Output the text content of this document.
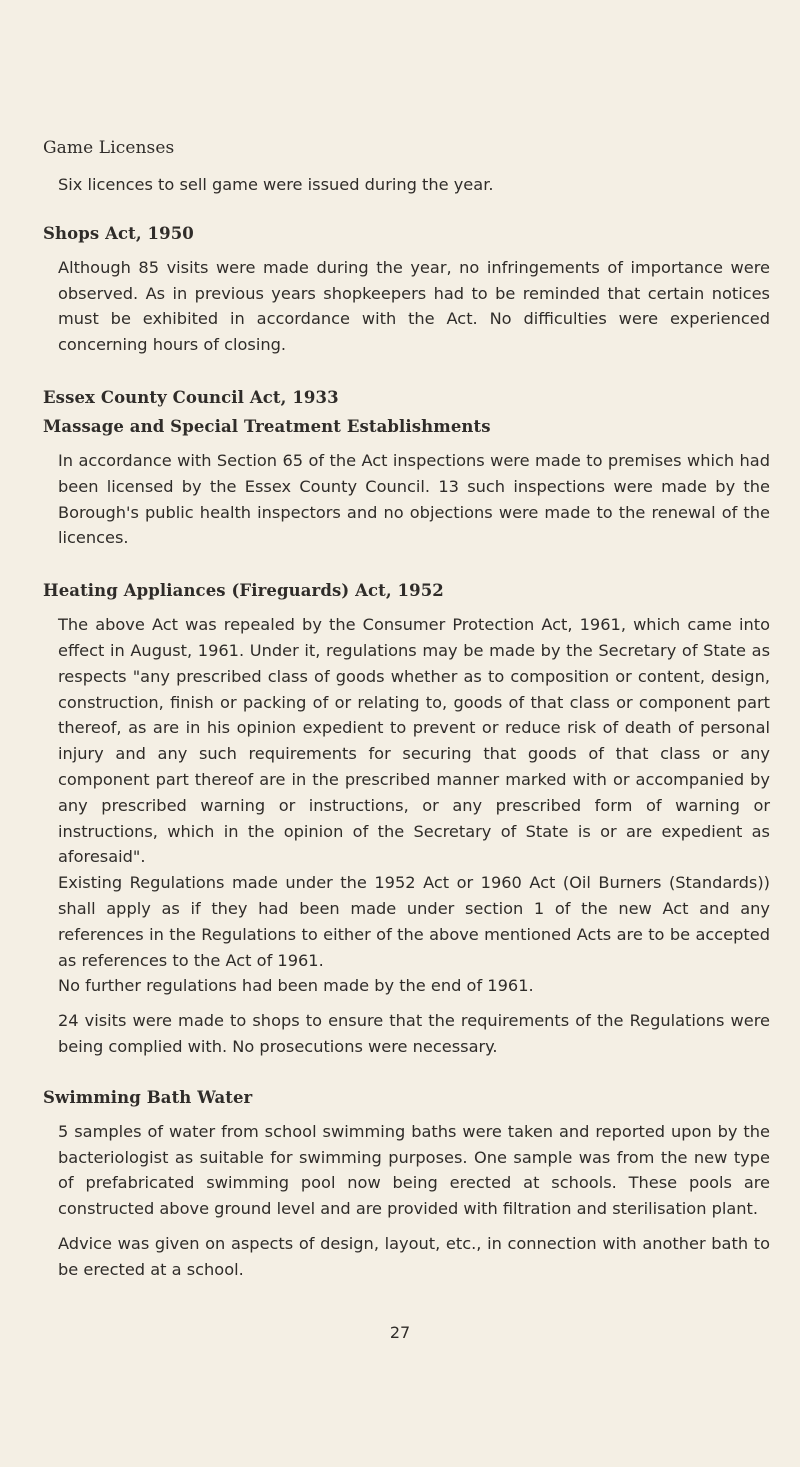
Game Licenses

Six licences to sell game were issued during the year.

Shops Act, 1950

Although 85 visits were made during the year, no infringements of importance were observed. As in previous years shopkeepers had to be reminded that certain notices must be exhibited in accordance with the Act. No difficulties were experienced concerning hours of closing.

Essex County Council Act, 1933
Massage and Special Treatment Establishments

In accordance with Section 65 of the Act inspections were made to premises which had been licensed by the Essex County Council. 13 such inspections were made by the Borough's public health inspectors and no objections were made to the renewal of the licences.

Heating Appliances (Fireguards) Act, 1952

The above Act was repealed by the Consumer Protection Act, 1961, which came into effect in August, 1961. Under it, regulations may be made by the Secretary of State as respects "any prescribed class of goods whether as to composition or content, design, construction, finish or packing of or relating to, goods of that class or component part thereof, as are in his opinion expedient to prevent or reduce risk of death of personal injury and any such requirements for securing that goods of that class or any component part thereof are in the prescribed manner marked with or accompanied by any prescribed warning or instructions, or any prescribed form of warning or instructions, which in the opinion of the Secretary of State is or are expedient as aforesaid".

Existing Regulations made under the 1952 Act or 1960 Act (Oil Burners (Standards)) shall apply as if they had been made under section 1 of the new Act and any references in the Regulations to either of the above mentioned Acts are to be accepted as references to the Act of 1961.

No further regulations had been made by the end of 1961.

24 visits were made to shops to ensure that the requirements of the Regulations were being complied with. No prosecutions were necessary.

Swimming Bath Water

5 samples of water from school swimming baths were taken and reported upon by the bacteriologist as suitable for swimming purposes. One sample was from the new type of prefabricated swimming pool now being erected at schools. These pools are constructed above ground level and are provided with filtration and sterilisation plant.

Advice was given on aspects of design, layout, etc., in connection with another bath to be erected at a school.

27
